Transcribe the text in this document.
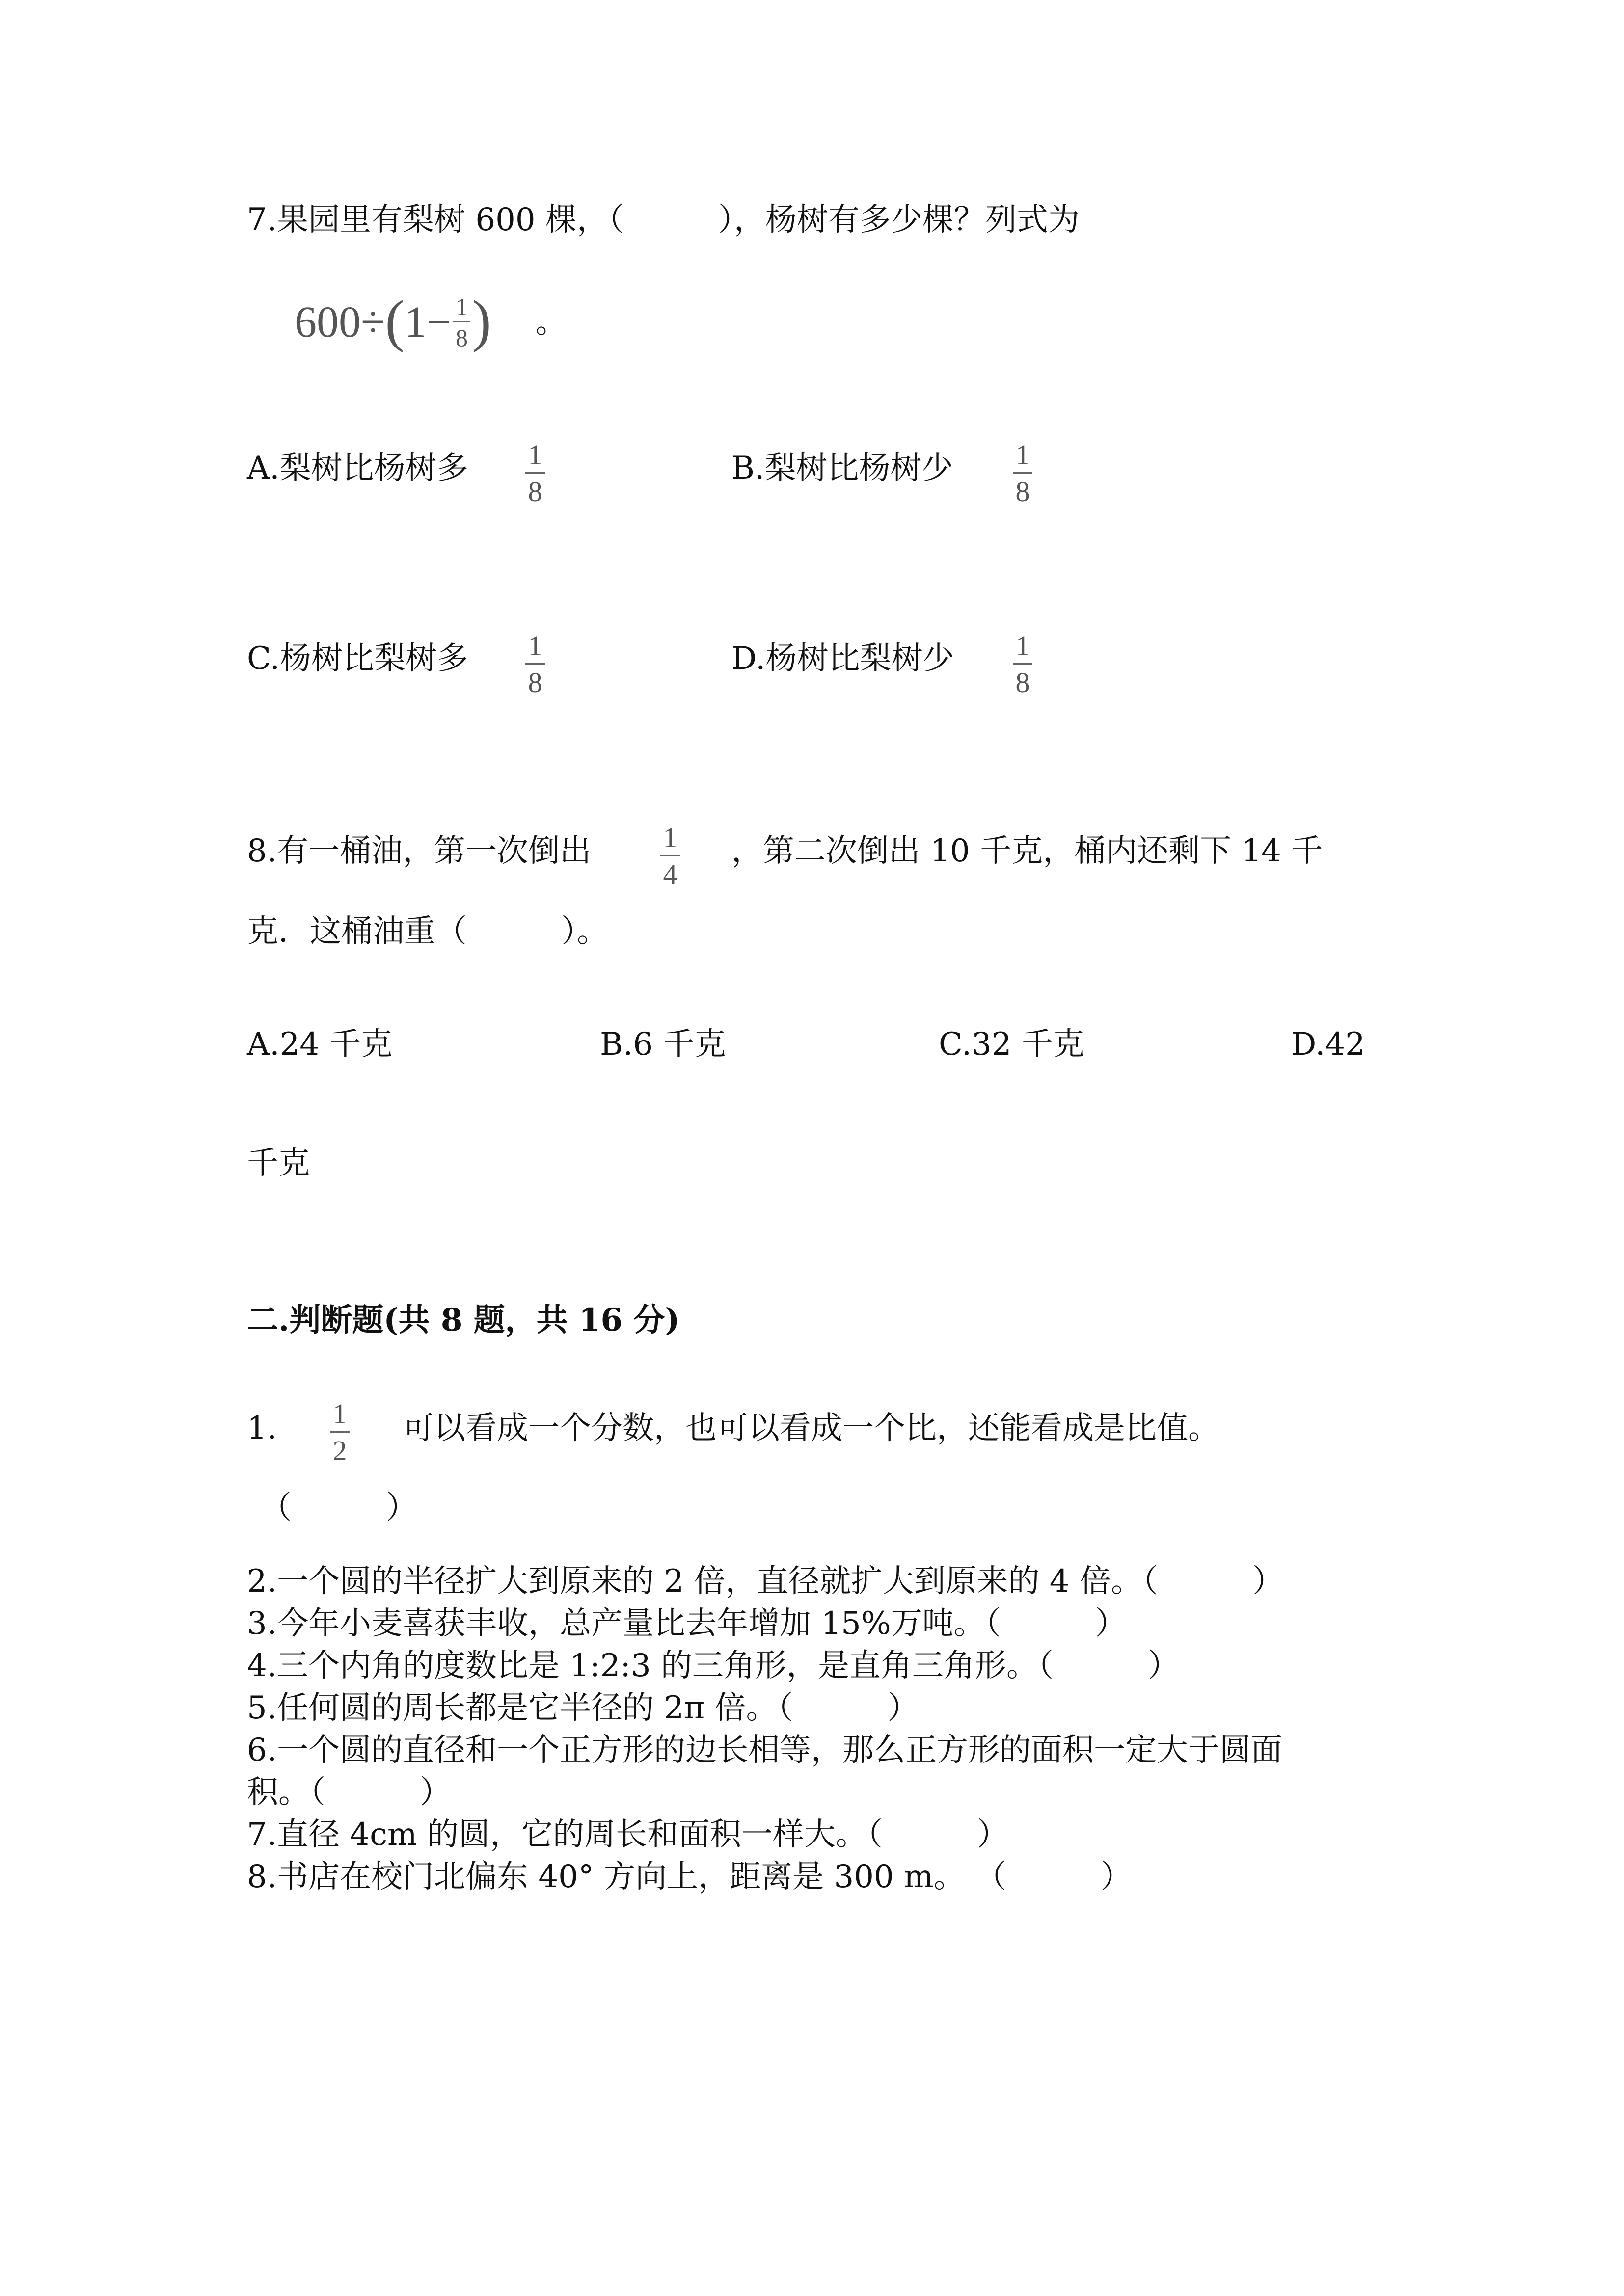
7.果园里有梨树 600 棵，（　　　），杨树有多少棵？列式为
600÷ ( 1− 1
8 ) 。
A.梨树比杨树多 1
8
B.梨树比杨树少 1
8
C.杨树比梨树多 1
8
D.杨树比梨树少 1
8
8.有一桶油，第一次倒出	1
4
，第二次倒出 10 千克，桶内还剩下 14 千
克．这桶油重（　　　）。
A.24 千克	B.6 千克	C.32 千克	D.42
千克
二.判断题(共 8 题，共 16 分)
1. 1
2
可以看成一个分数，也可以看成一个比，还能看成是比值。
（　　　）
2.一个圆的半径扩大到原来的 2 倍，直径就扩大到原来的 4 倍。（　　　）
3.今年小麦喜获丰收，总产量比去年增加 15%万吨。（　　　）
4.三个内角的度数比是 1:2:3 的三角形，是直角三角形。（　　　）
5.任何圆的周长都是它半径的 2π 倍。（　　　）
6.一个圆的直径和一个正方形的边长相等，那么正方形的面积一定大于圆面
积。（　　　）
7.直径 4cm 的圆，它的周长和面积一样大。（　　　）
8.书店在校门北偏东 40° 方向上，距离是 300 m。 （　　　）
